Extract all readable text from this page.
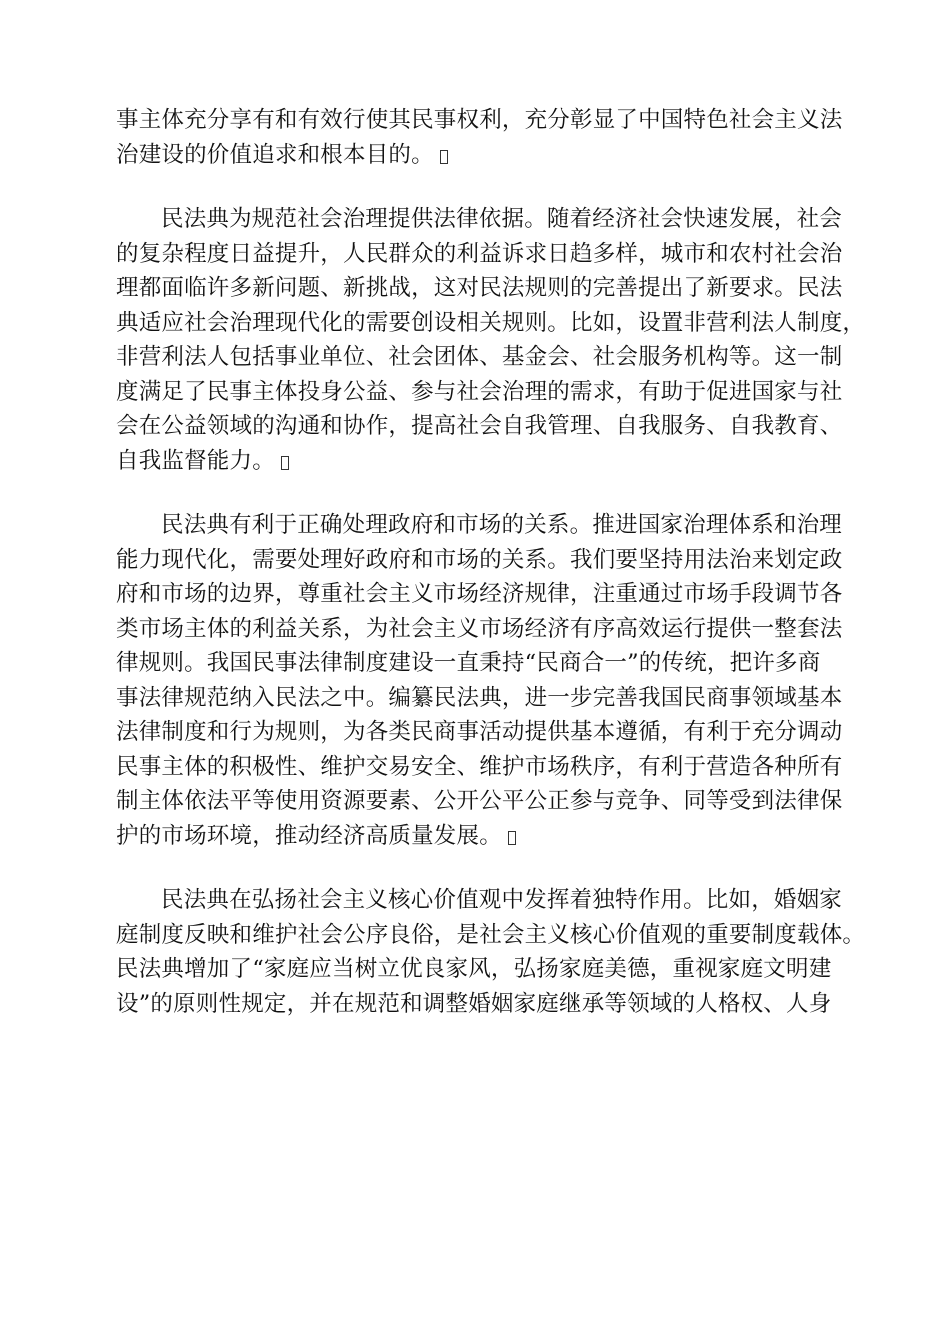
事主体充分享有和有效行使其民事权利，充分彰显了中国特色社会主义法
治建设的价值追求和根本目的。

民法典为规范社会治理提供法律依据。随着经济社会快速发展，社会
的复杂程度日益提升，人民群众的利益诉求日趋多样，城市和农村社会治
理都面临许多新问题、新挑战，这对民法规则的完善提出了新要求。民法
典适应社会治理现代化的需要创设相关规则。比如，设置非营利法人制度，
非营利法人包括事业单位、社会团体、基金会、社会服务机构等。这一制
度满足了民事主体投身公益、参与社会治理的需求，有助于促进国家与社
会在公益领域的沟通和协作，提高社会自我管理、自我服务、自我教育、
自我监督能力。

民法典有利于正确处理政府和市场的关系。推进国家治理体系和治理
能力现代化，需要处理好政府和市场的关系。我们要坚持用法治来划定政
府和市场的边界，尊重社会主义市场经济规律，注重通过市场手段调节各
类市场主体的利益关系，为社会主义市场经济有序高效运行提供一整套法
律规则。我国民事法律制度建设一直秉持“民商合一”的传统，把许多商
事法律规范纳入民法之中。编纂民法典，进一步完善我国民商事领域基本
法律制度和行为规则，为各类民商事活动提供基本遵循，有利于充分调动
民事主体的积极性、维护交易安全、维护市场秩序，有利于营造各种所有
制主体依法平等使用资源要素、公开公平公正参与竞争、同等受到法律保
护的市场环境，推动经济高质量发展。

民法典在弘扬社会主义核心价值观中发挥着独特作用。比如，婚姻家
庭制度反映和维护社会公序良俗，是社会主义核心价值观的重要制度载体。
民法典增加了“家庭应当树立优良家风，弘扬家庭美德，重视家庭文明建
设”的原则性规定，并在规范和调整婚姻家庭继承等领域的人格权、人身
